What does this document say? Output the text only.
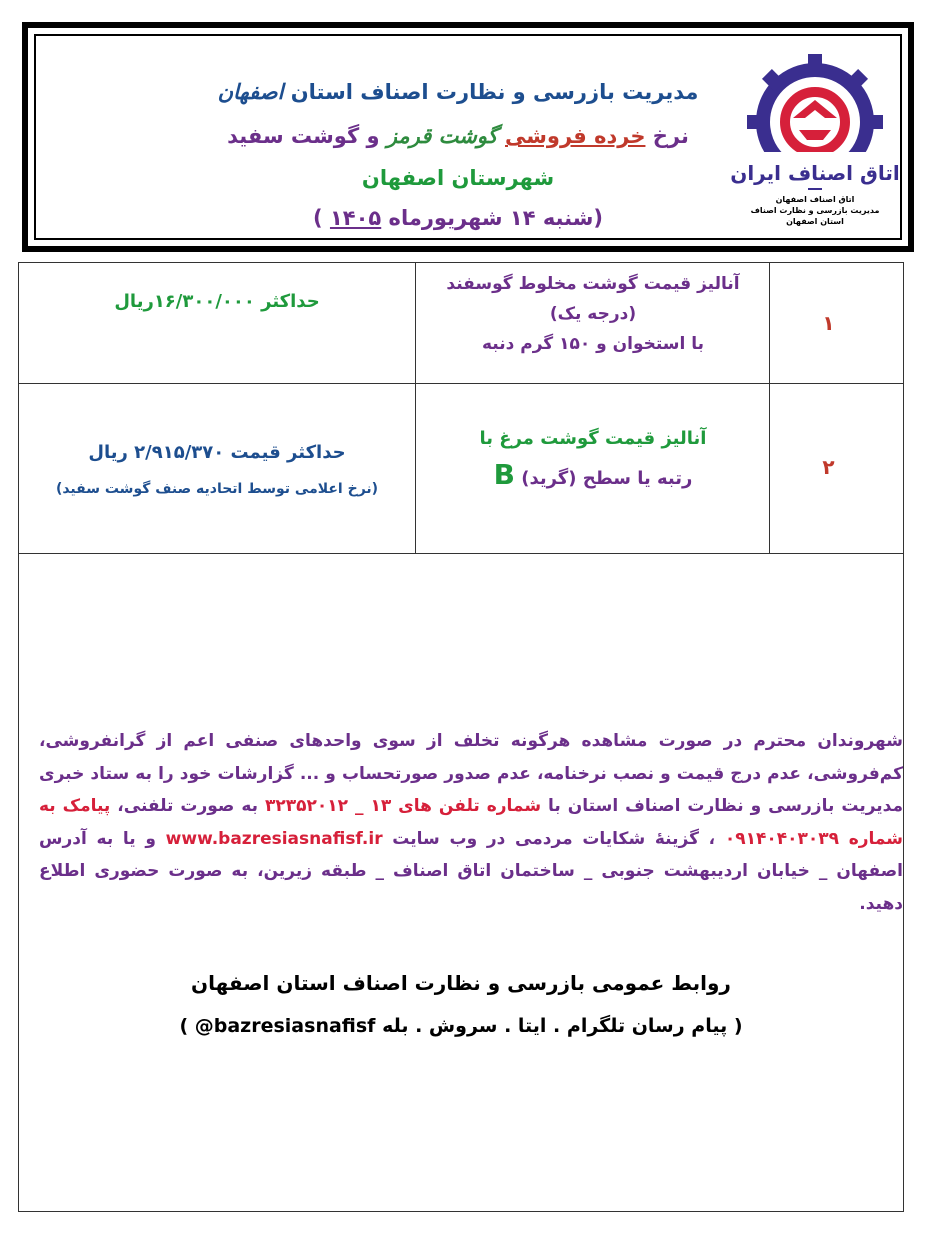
مدیریت بازرسی و نظارت اصناف استان اصفهان
نرخ خرده فروشی گوشت قرمز و گوشت سفید
شهرستان اصفهان
(شنبه ۱۴ شهریورماه ۱۴۰۵ )
اتاق اصناف ایران
اتاق اصناف اصفهان
مدیریت بازرسی و نظارت اصناف
استان اصفهان
۱
آنالیز قیمت گوشت مخلوط گوسفند
(درجه یک)
با استخوان و ۱۵۰ گرم دنبه
حداکثر ۱۶/۳۰۰/۰۰۰ریال
۲
آنالیز قیمت گوشت مرغ با
رتبه یا سطح (گرید) B
حداکثر قیمت ۲/۹۱۵/۳۷۰ ریال
(نرخ اعلامی توسط اتحادیه صنف گوشت سفید)
شهروندان محترم در صورت مشاهده هرگونه تخلف از سوی واحدهای صنفی اعم از گرانفروشی، کم‌فروشی، عدم درج قیمت و نصب نرخنامه، عدم صدور صورتحساب و ... گزارشات خود را به ستاد خبری مدیریت بازرسی و نظارت اصناف استان با شماره تلفن های ۱۳ _ ۳۲۳۵۲۰۱۲ به صورت تلفنی، پیامک به شماره ۰۹۱۴۰۴۰۳۰۳۹ ، گزینۀ شکایات مردمی در وب سایت www.bazresiasnafisf.ir و یا به آدرس اصفهان _ خیابان اردیبهشت جنوبی _ ساختمان اتاق اصناف _ طبقه زیرین، به صورت حضوری اطلاع دهید.
روابط عمومی بازرسی و نظارت اصناف استان اصفهان
( پیام رسان تلگرام . ایتا . سروش . بله bazresiasnafisf@ )
